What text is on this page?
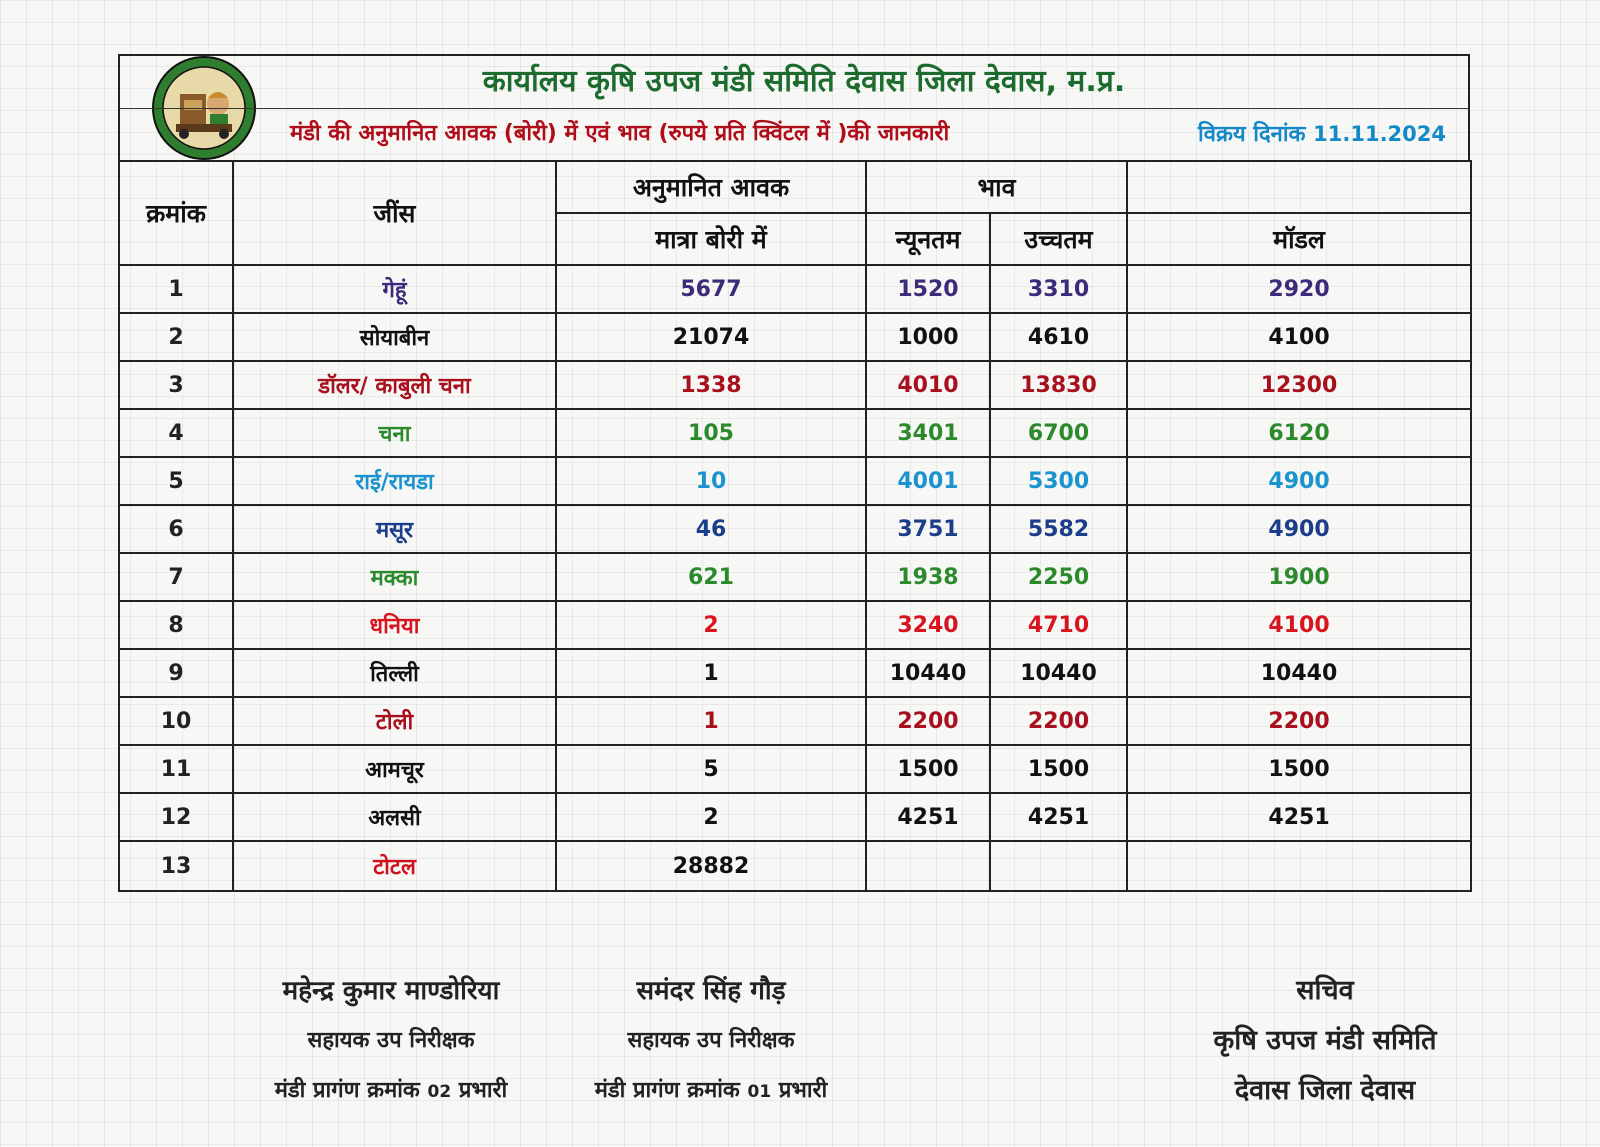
कार्यालय कृषि उपज मंडी समिति देवास जिला देवास, म.प्र.
मंडी की अनुमानित आवक (बोरी) में एवं भाव (रुपये प्रति क्विंटल में )की जानकारी	विक्रय दिनांक 11.11.2024
क्रमांक	जींस	अनुमानित आवक	भाव		
		मात्रा बोरी में	न्यूनतम	उच्चतम	मॉडल
1	गेहूं	5677	1520	3310	2920
2	सोयाबीन	21074	1000	4610	4100
3	डॉलर/ काबुली चना	1338	4010	13830	12300
4	चना	105	3401	6700	6120
5	राई/रायडा	10	4001	5300	4900
6	मसूर	46	3751	5582	4900
7	मक्का	621	1938	2250	1900
8	धनिया	2	3240	4710	4100
9	तिल्ली	1	10440	10440	10440
10	टोली	1	2200	2200	2200
11	आमचूर	5	1500	1500	1500
12	अलसी	2	4251	4251	4251
13	टोटल	28882			
महेन्द्र कुमार माण्डोरिया
सहायक उप निरीक्षक
मंडी प्रागंण क्रमांक 02 प्रभारी
समंदर सिंह गौड़
सहायक उप निरीक्षक
मंडी प्रागंण क्रमांक 01 प्रभारी
सचिव
कृषि उपज मंडी समिति
देवास जिला देवास
